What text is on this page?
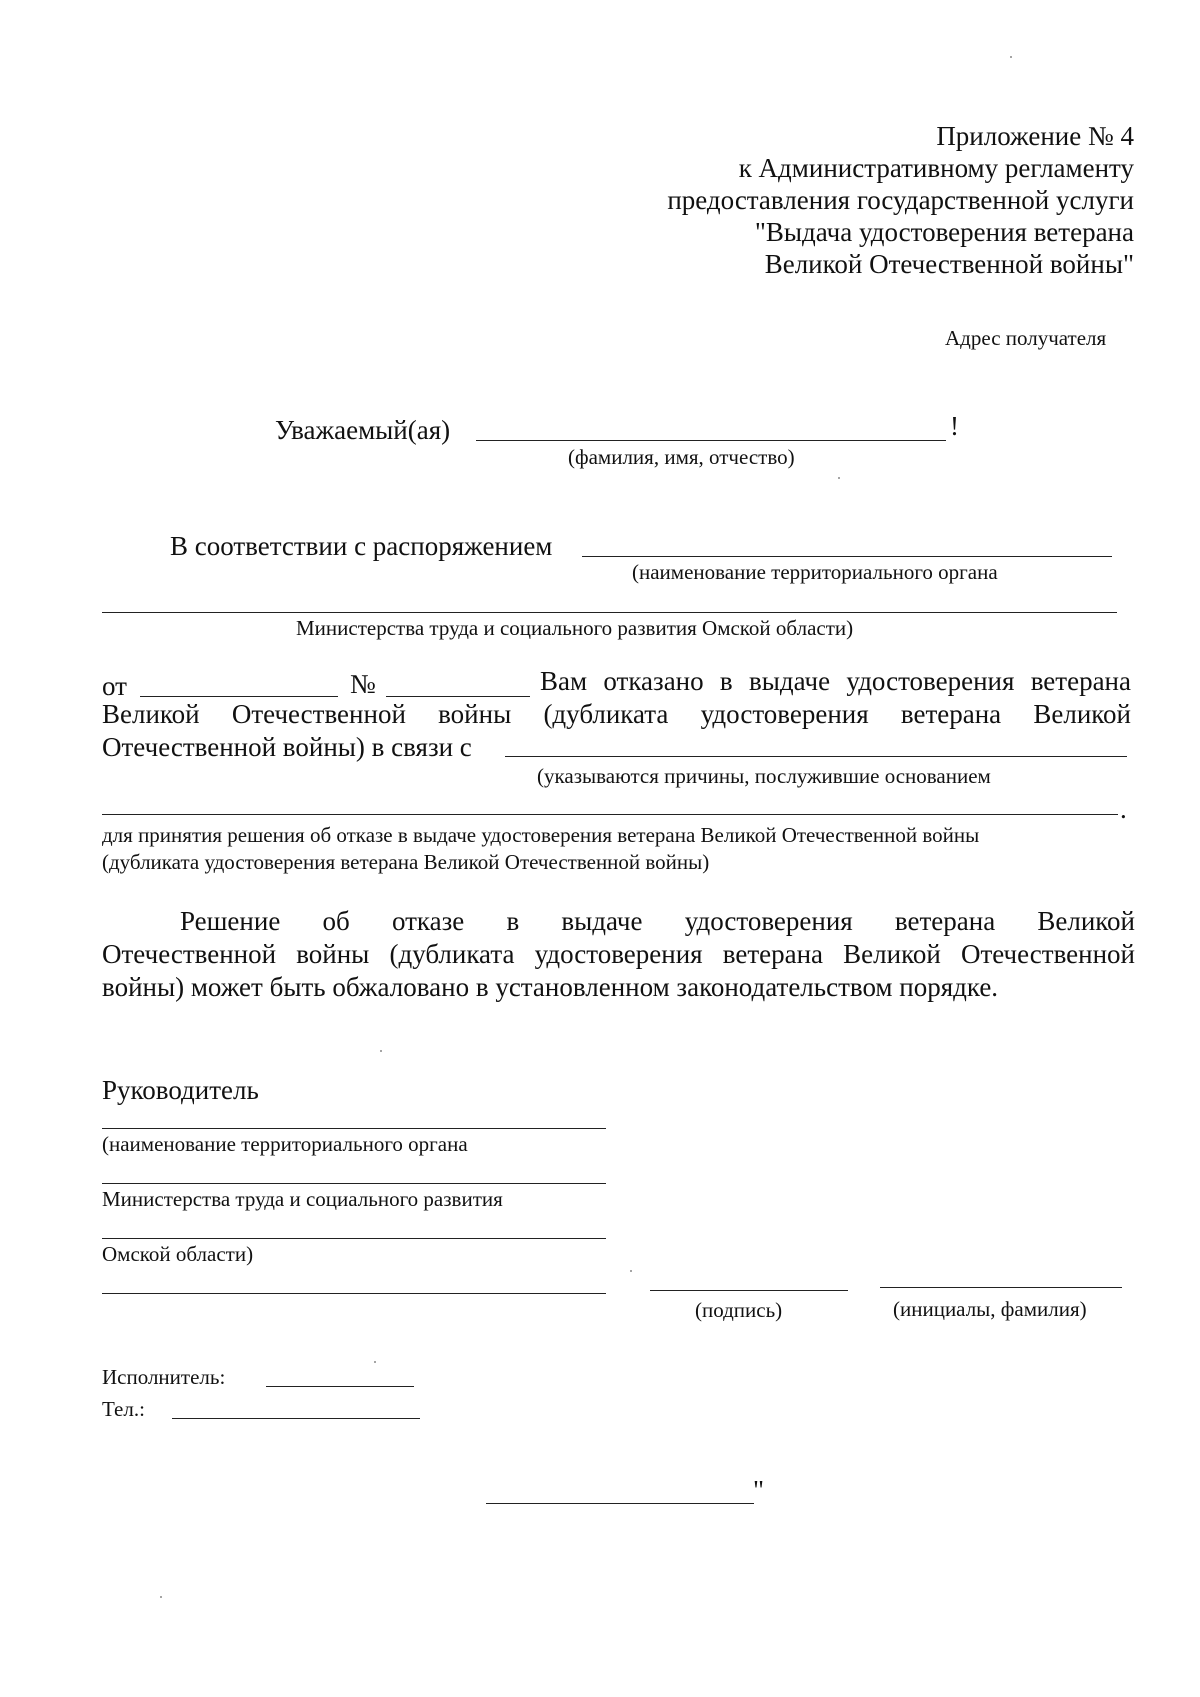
Приложение № 4
к Административному регламенту
предоставления государственной услуги
"Выдача удостоверения ветерана
Великой Отечественной войны"
Адрес получателя
Уважаемый(ая)	!
(фамилия, имя, отчество)
В соответствии с распоряжением
(наименование территориального органа
Министерства труда и социального развития Омской области)
от	№	Вам отказано в выдаче удостоверения ветерана
Великой Отечественной войны (дубликата удостоверения ветерана Великой
Отечественной войны) в связи с
(указываются причины, послужившие основанием
.
для принятия решения об отказе в выдаче удостоверения ветерана Великой Отечественной войны
(дубликата удостоверения ветерана Великой Отечественной войны)
Решение об отказе в выдаче удостоверения ветерана Великой
Отечественной войны (дубликата удостоверения ветерана Великой Отечественной
войны) может быть обжаловано в установленном законодательством порядке.
Руководитель
(наименование территориального органа
Министерства труда и социального развития
Омской области)
(подпись)	(инициалы, фамилия)
Исполнитель:
Тел.:
"
